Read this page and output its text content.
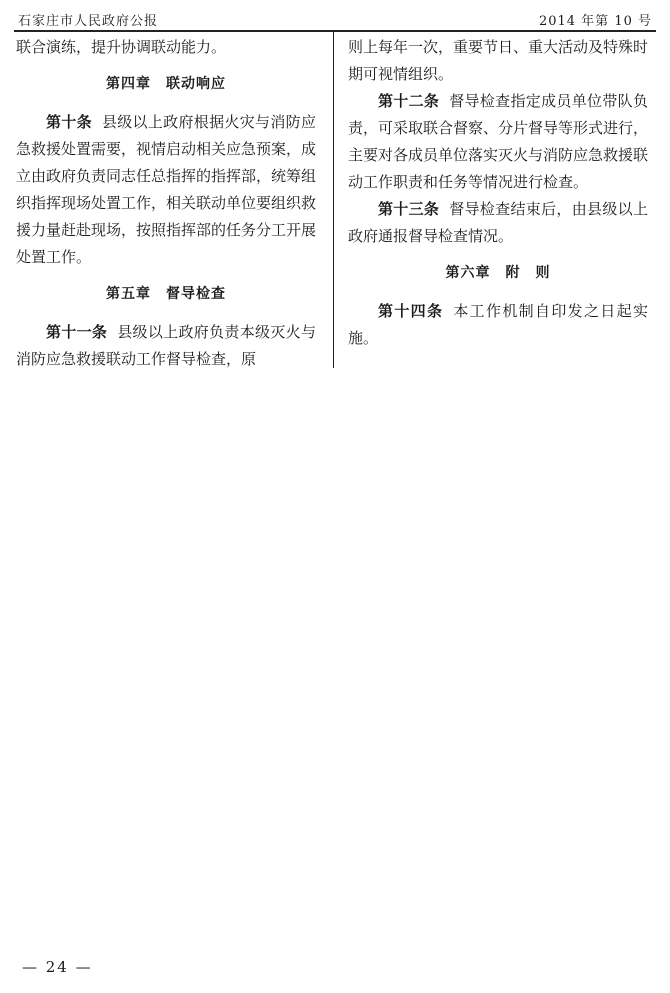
石家庄市人民政府公报	2014 年第 10 号

联合演练，提升协调联动能力。

第四章　联动响应

第十条 县级以上政府根据火灾与消防应急救援处置需要，视情启动相关应急预案，成立由政府负责同志任总指挥的指挥部，统筹组织指挥现场处置工作，相关联动单位要组织救援力量赶赴现场，按照指挥部的任务分工开展处置工作。

第五章　督导检查

第十一条 县级以上政府负责本级灭火与消防应急救援联动工作督导检查，原

则上每年一次，重要节日、重大活动及特殊时期可视情组织。

第十二条 督导检查指定成员单位带队负责，可采取联合督察、分片督导等形式进行，主要对各成员单位落实灭火与消防应急救援联动工作职责和任务等情况进行检查。

第十三条 督导检查结束后，由县级以上政府通报督导检查情况。

第六章　附　则

第十四条 本工作机制自印发之日起实施。

— 24 —
